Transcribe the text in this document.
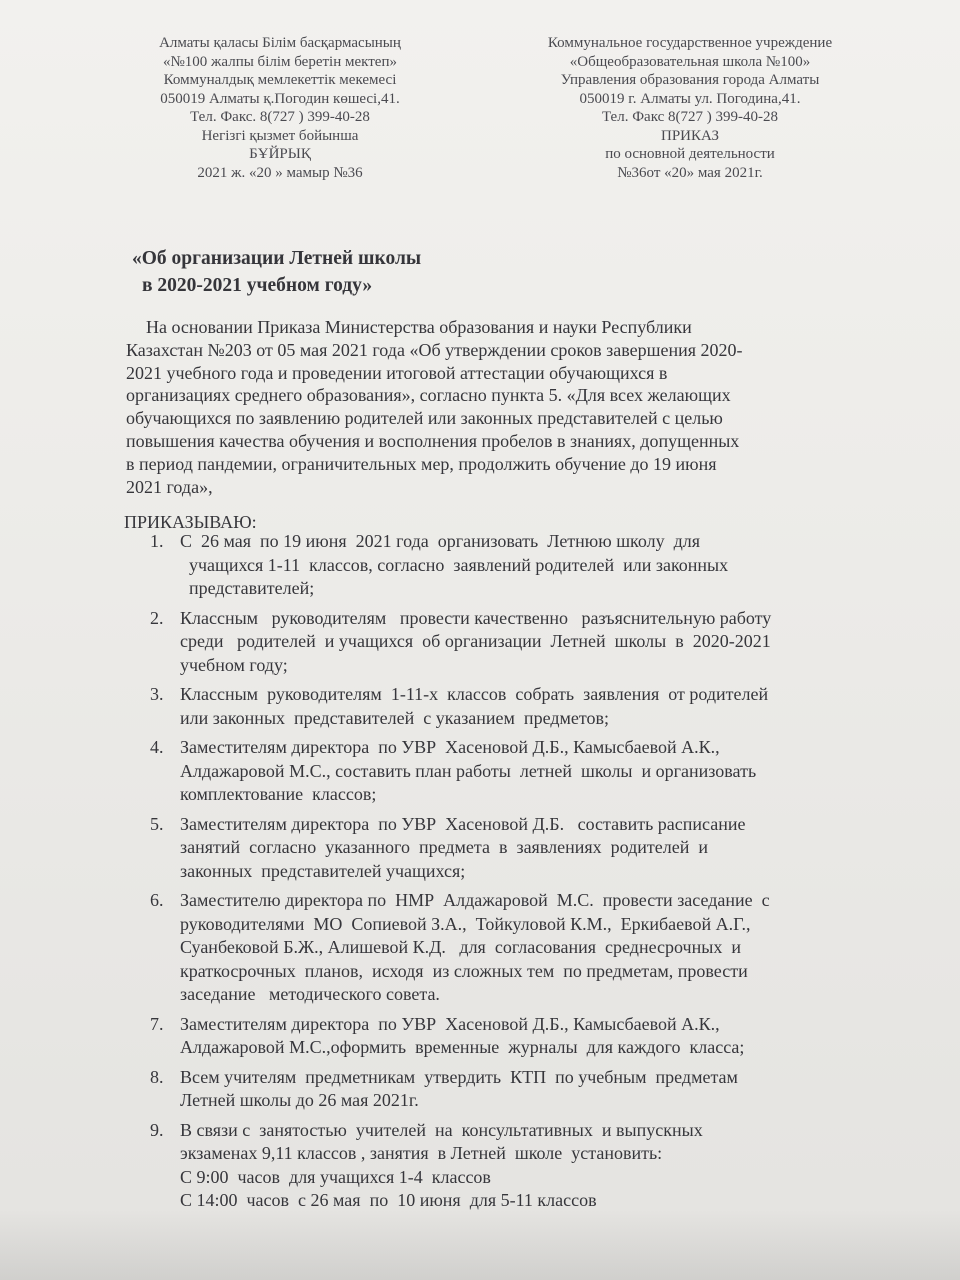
Алматы қаласы Білім басқармасының
«№100 жалпы білім беретін мектеп»
Коммуналдық мемлекеттік мекемесі
050019 Алматы қ.Погодин көшесі,41.
Тел. Факс. 8(727 ) 399-40-28
Негізгі қызмет бойынша
БҰЙРЫҚ
2021 ж. «20 » мамыр №36
Коммунальное государственное учреждение
«Общеобразовательная школа №100»
Управления образования города Алматы
050019 г. Алматы ул. Погодина,41.
Тел. Факс 8(727 ) 399-40-28
ПРИКАЗ
по основной деятельности
№36от «20» мая 2021г.
«Об организации Летней школы
в 2020-2021 учебном году»
На основании Приказа Министерства образования и науки Республики
Казахстан №203 от 05 мая 2021 года «Об утверждении сроков завершения 2020-
2021 учебного года и проведении итоговой аттестации обучающихся в
организациях среднего образования», согласно пункта 5. «Для всех желающих
обучающихся по заявлению родителей или законных представителей с целью
повышения качества обучения и восполнения пробелов в знаниях, допущенных
в период пандемии, ограничительных мер, продолжить обучение до 19 июня
2021 года»,
ПРИКАЗЫВАЮ:
1. С  26 мая  по 19 июня  2021 года  организовать  Летнюю школу  для
учащихся 1-11  классов, согласно  заявлений родителей  или законных
представителей;
2. Классным   руководителям   провести качественно   разъяснительную работу
среди   родителей  и учащихся  об организации  Летней  школы  в  2020-2021
учебном году;
3. Классным  руководителям  1-11-х  классов  собрать  заявления  от родителей
или законных  представителей  с указанием  предметов;
4. Заместителям директора  по УВР  Хасеновой Д.Б., Камысбаевой А.К.,
Алдажаровой М.С., составить план работы  летней  школы  и организовать
комплектование  классов;
5. Заместителям директора  по УВР  Хасеновой Д.Б.   составить расписание
занятий  согласно  указанного  предмета  в  заявлениях  родителей  и
законных  представителей учащихся;
6. Заместителю директора по  НМР  Алдажаровой  М.С.  провести заседание  с
руководителями  МО  Сопиевой З.А.,  Тойкуловой К.М.,  Еркибаевой А.Г.,
Суанбековой Б.Ж., Алишевой К.Д.   для  согласования  среднесрочных  и
краткосрочных  планов,  исходя  из сложных тем  по предметам, провести
заседание   методического совета.
7. Заместителям директора  по УВР  Хасеновой Д.Б., Камысбаевой А.К.,
Алдажаровой М.С.,оформить  временные  журналы  для каждого  класса;
8. Всем учителям  предметникам  утвердить  КТП  по учебным  предметам
Летней школы до 26 мая 2021г.
9. В связи с  занятостью  учителей  на  консультативных  и выпускных
экзаменах 9,11 классов , занятия  в Летней  школе  установить:
С 9:00  часов  для учащихся 1-4  классов
С 14:00  часов  с 26 мая  по  10 июня  для 5-11 классов
